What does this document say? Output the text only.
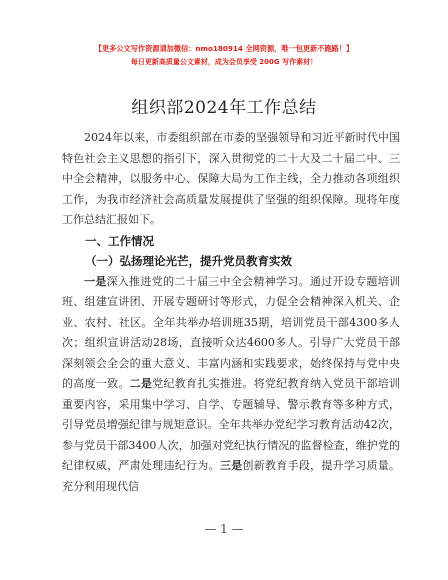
【更多公文写作资源请加微信：nmo180914 全网资源，唯一包更新不跑路！】
每日更新高质量公文素材，成为会员享受 200G 写作素材！
组织部2024年工作总结

2024年以来，市委组织部在市委的坚强领导和习近平新时代中国特色社会主义思想的指引下，深入贯彻党的二十大及二十届二中、三中全会精神，以服务中心、保障大局为工作主线，全力推动各项组织工作，为我市经济社会高质量发展提供了坚强的组织保障。现将年度工作总结汇报如下。

一、工作情况

（一）弘扬理论光芒，提升党员教育实效

一是深入推进党的二十届三中全会精神学习。通过开设专题培训班、组建宣讲团、开展专题研讨等形式，力促全会精神深入机关、企业、农村、社区。全年共举办培训班35期，培训党员干部4300多人次；组织宣讲活动28场，直接听众达4600多人。引导广大党员干部深刻领会全会的重大意义、丰富内涵和实践要求，始终保持与党中央的高度一致。二是党纪教育扎实推进。将党纪教育纳入党员干部培训重要内容，采用集中学习、自学、专题辅导、警示教育等多种方式，引导党员增强纪律与规矩意识。全年共举办党纪学习教育活动42次，参与党员干部3400人次，加强对党纪执行情况的监督检查，维护党的纪律权威，严肃处理违纪行为。三是创新教育手段，提升学习质量。充分利用现代信

— 1 —
